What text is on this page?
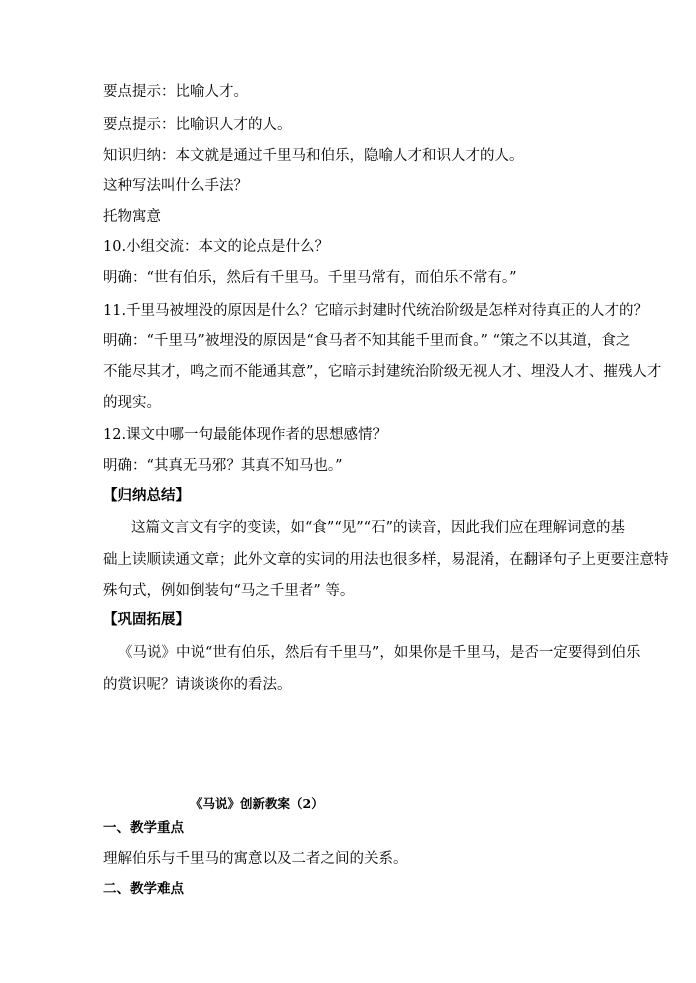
要点提示：比喻人才。
要点提示：比喻识人才的人。
知识归纳：本文就是通过千里马和伯乐，隐喻人才和识人才的人。
这种写法叫什么手法？
托物寓意
10.小组交流：本文的论点是什么？
明确：“世有伯乐，然后有千里马。千里马常有，而伯乐不常有。”
11.千里马被埋没的原因是什么？它暗示封建时代统治阶级是怎样对待真正的人才的？
明确：“千里马”被埋没的原因是“食马者不知其能千里而食。” “策之不以其道，食之
不能尽其才，鸣之而不能通其意”，它暗示封建统治阶级无视人才、埋没人才、摧残人才
的现实。
12.课文中哪一句最能体现作者的思想感情？
明确：“其真无马邪？其真不知马也。”
【归纳总结】
这篇文言文有字的变读，如“食”“见”“石”的读音，因此我们应在理解词意的基
础上读顺读通文章；此外文章的实词的用法也很多样，易混淆，在翻译句子上更要注意特
殊句式，例如倒装句“马之千里者” 等。
【巩固拓展】
《马说》中说“世有伯乐，然后有千里马”，如果你是千里马，是否一定要得到伯乐
的赏识呢？请谈谈你的看法。
《马说》创新教案（2）
一、教学重点
理解伯乐与千里马的寓意以及二者之间的关系。
二、教学难点
